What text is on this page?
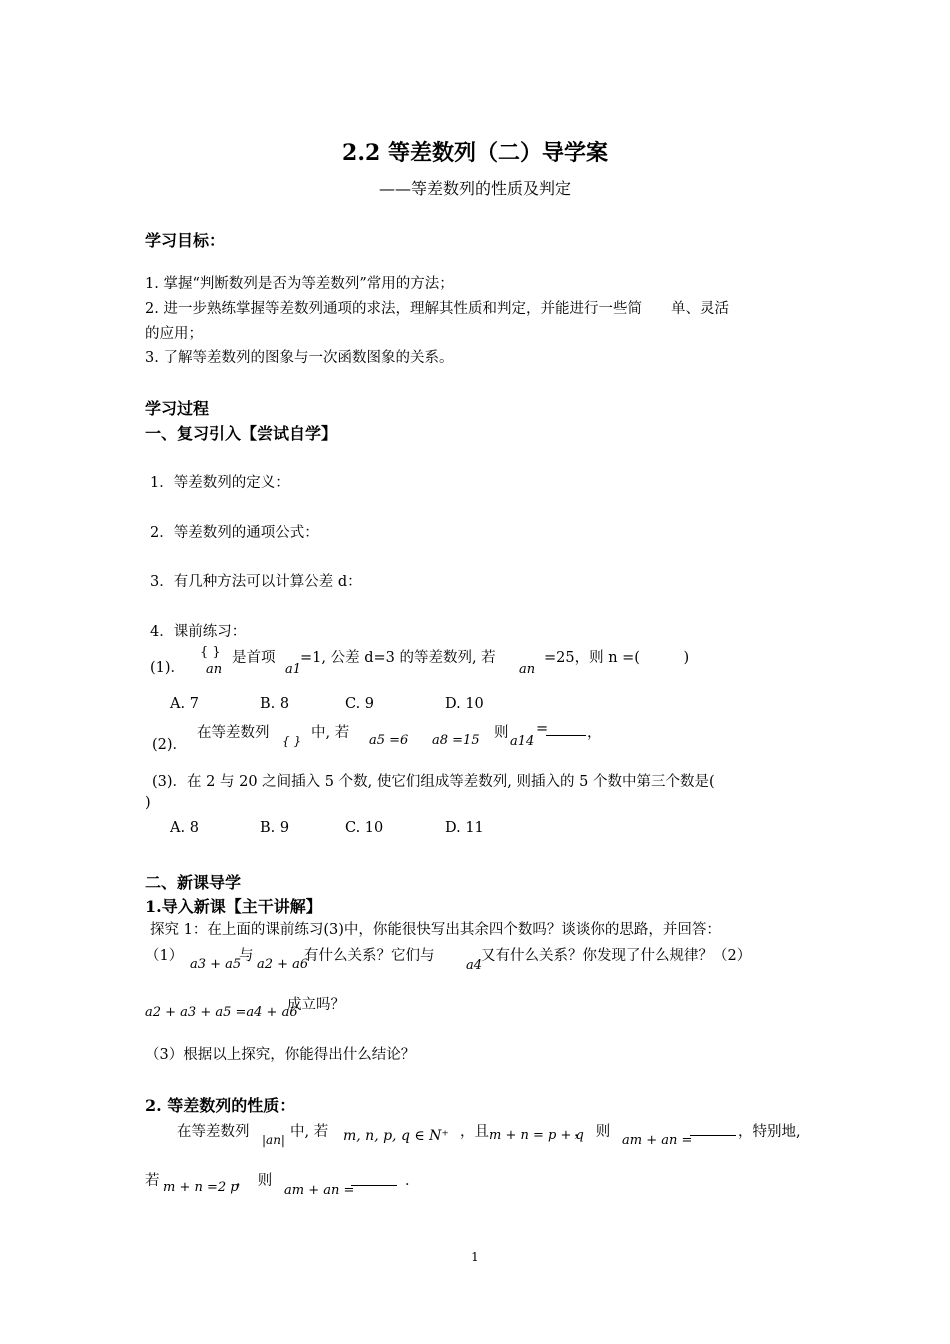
2.2 等差数列（二）导学案
——等差数列的性质及判定
学习目标：
1. 掌握“判断数列是否为等差数列”常用的方法；
2. 进一步熟练掌握等差数列通项的求法，理解其性质和判定，并能进行一些简　　单、灵活
的应用；
3. 了解等差数列的图象与一次函数图象的关系。
学习过程
一、复习引入【尝试自学】
1．等差数列的定义：
2．等差数列的通项公式：
3．有几种方法可以计算公差 d：
4．课前练习：
(1)．
{ }
an
是首项
a1
=1, 公差 d=3 的等差数列, 若
an
=25，则 n =(　　　)
A. 7	B. 8	C. 9	D. 10
(2)．
在等差数列 { } 中, 若 a5 =6 a8 =15 则
a14
=	，
(3)．在 2 与 20 之间插入 5 个数, 使它们组成等差数列, 则插入的 5 个数中第三个数是(
)
A. 8	B. 9	C. 10	D. 11
二、新课导学
1.导入新课【主干讲解】
探究 1：在上面的课前练习(3)中，你能很快写出其余四个数吗？谈谈你的思路，并回答：
（1）
a3 + a5
与
a2 + a6
有什么关系？它们与
a4
又有什么关系？你发现了什么规律？（2）
a2 + a3 + a5 =a4 + a6
成立吗？
（3）根据以上探究，你能得出什么结论？
2. 等差数列的性质：
在等差数列 |an| 中, 若 m, n, p, q ∈ N⁺ ，且 m + n = p + q
，　则
am + an =
，特别地,
若 m + n =2 p
，　则
am + an =
．
1
